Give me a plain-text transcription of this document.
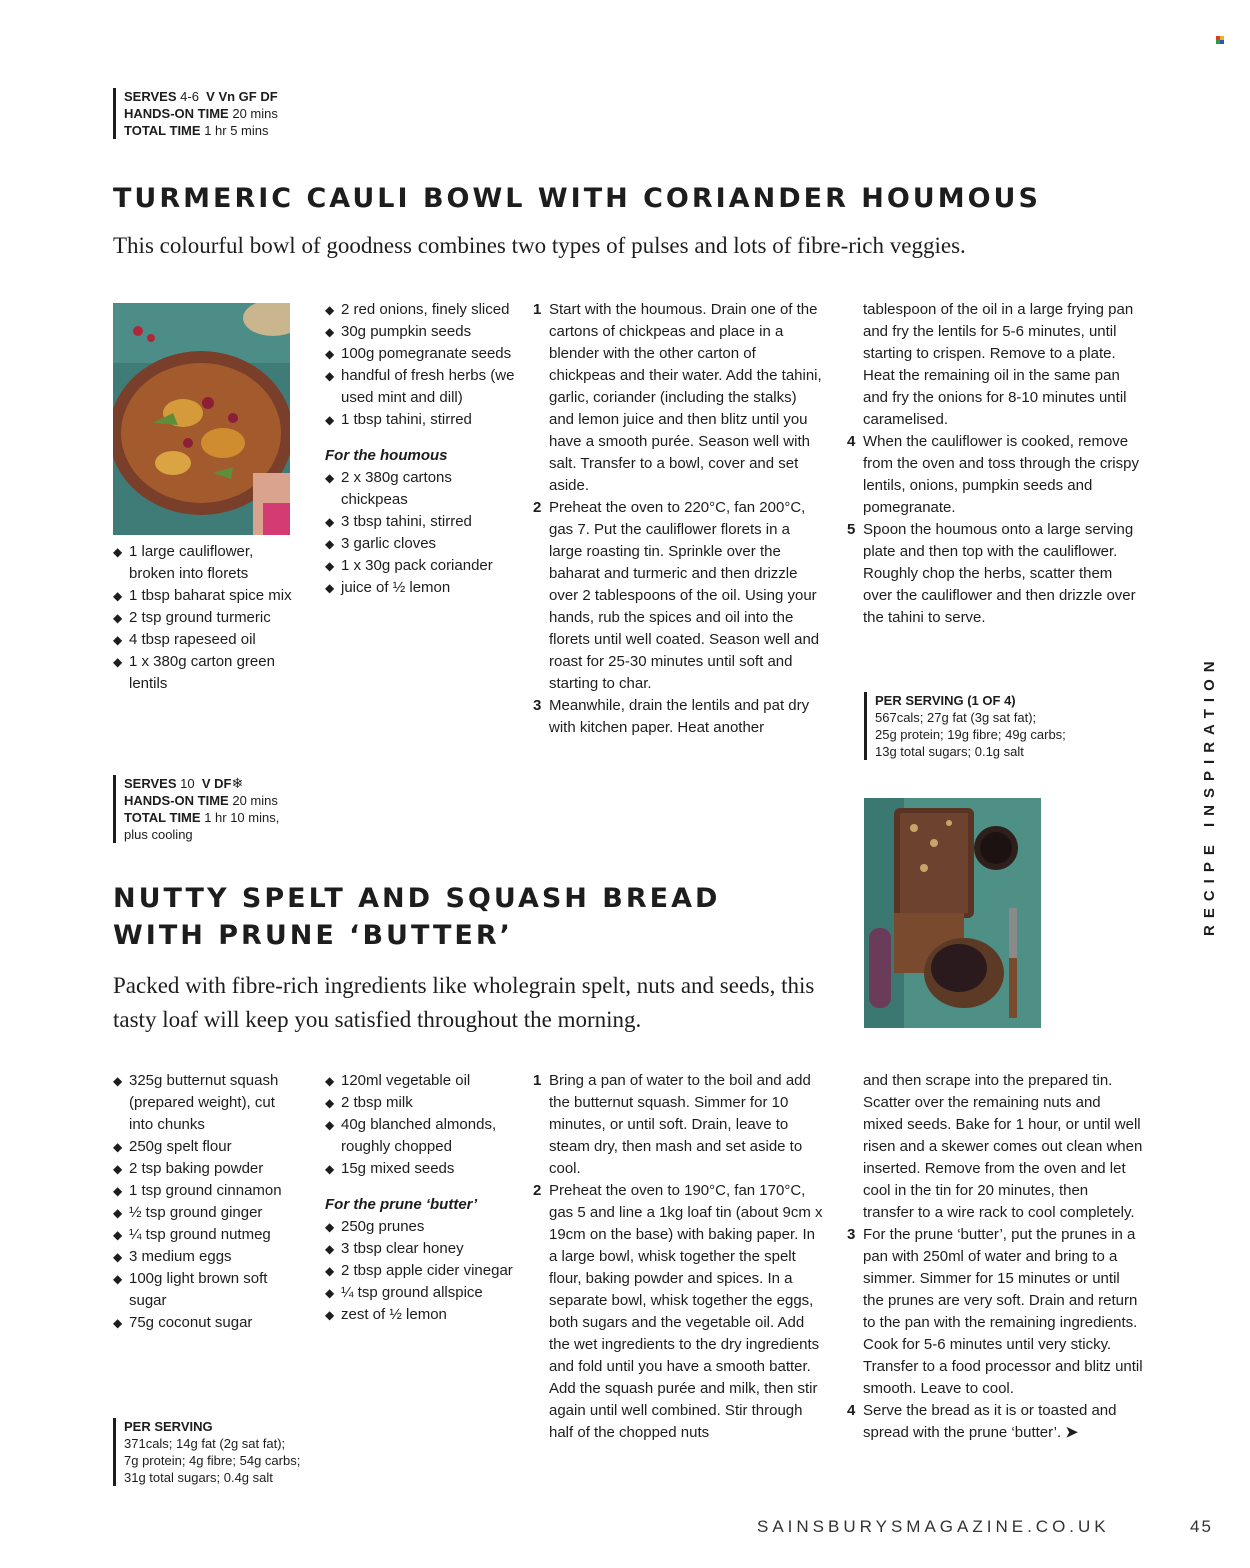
SERVES 4-6 V Vn GF DF
HANDS-ON TIME 20 mins
TOTAL TIME 1 hr 5 mins
TURMERIC CAULI BOWL WITH CORIANDER HOUMOUS

This colourful bowl of goodness combines two types of pulses and lots of fibre-rich veggies.

◆ 1 large cauliflower, broken into florets
◆ 1 tbsp baharat spice mix
◆ 2 tsp ground turmeric
◆ 4 tbsp rapeseed oil
◆ 1 x 380g carton green lentils
◆ 2 red onions, finely sliced
◆ 30g pumpkin seeds
◆ 100g pomegranate seeds
◆ handful of fresh herbs (we used mint and dill)
◆ 1 tbsp tahini, stirred

For the houmous

◆ 2 x 380g cartons chickpeas
◆ 3 tbsp tahini, stirred
◆ 3 garlic cloves
◆ 1 x 30g pack coriander
◆ juice of ½ lemon
1 Start with the houmous. Drain one of the cartons of chickpeas and place in a blender with the other carton of chickpeas and their water. Add the tahini, garlic, coriander (including the stalks) and lemon juice and then blitz until you have a smooth purée. Season well with salt. Transfer to a bowl, cover and set aside.
2 Preheat the oven to 220°C, fan 200°C, gas 7. Put the cauliflower florets in a large roasting tin. Sprinkle over the baharat and turmeric and then drizzle over 2 tablespoons of the oil. Using your hands, rub the spices and oil into the florets until well coated. Season well and roast for 25-30 minutes until soft and starting to char.
3 Meanwhile, drain the lentils and pat dry with kitchen paper. Heat another
tablespoon of the oil in a large frying pan and fry the lentils for 5-6 minutes, until starting to crispen. Remove to a plate. Heat the remaining oil in the same pan and fry the onions for 8-10 minutes until caramelised.
4 When the cauliflower is cooked, remove from the oven and toss through the crispy lentils, onions, pumpkin seeds and pomegranate.
5 Spoon the houmous onto a large serving plate and then top with the cauliflower. Roughly chop the herbs, scatter them over the cauliflower and then drizzle over the tahini to serve.
PER SERVING (1 OF 4)
567cals; 27g fat (3g sat fat);
25g protein; 19g fibre; 49g carbs;
13g total sugars; 0.1g salt
SERVES 10 V DF❄
HANDS-ON TIME 20 mins
TOTAL TIME 1 hr 10 mins,
plus cooling
NUTTY SPELT AND SQUASH BREAD
WITH PRUNE ‘BUTTER’

Packed with fibre-rich ingredients like wholegrain spelt, nuts and seeds, this tasty loaf will keep you satisfied throughout the morning.

◆ 325g butternut squash (prepared weight), cut into chunks
◆ 250g spelt flour
◆ 2 tsp baking powder
◆ 1 tsp ground cinnamon
◆ ½ tsp ground ginger
◆ ¼ tsp ground nutmeg
◆ 3 medium eggs
◆ 100g light brown soft sugar
◆ 75g coconut sugar
◆ 120ml vegetable oil
◆ 2 tbsp milk
◆ 40g blanched almonds, roughly chopped
◆ 15g mixed seeds

For the prune ‘butter’

◆ 250g prunes
◆ 3 tbsp clear honey
◆ 2 tbsp apple cider vinegar
◆ ¼ tsp ground allspice
◆ zest of ½ lemon
1 Bring a pan of water to the boil and add the butternut squash. Simmer for 10 minutes, or until soft. Drain, leave to steam dry, then mash and set aside to cool.
2 Preheat the oven to 190°C, fan 170°C, gas 5 and line a 1kg loaf tin (about 9cm x 19cm on the base) with baking paper. In a large bowl, whisk together the spelt flour, baking powder and spices. In a separate bowl, whisk together the eggs, both sugars and the vegetable oil. Add the wet ingredients to the dry ingredients and fold until you have a smooth batter. Add the squash purée and milk, then stir again until well combined. Stir through half of the chopped nuts
and then scrape into the prepared tin. Scatter over the remaining nuts and mixed seeds. Bake for 1 hour, or until well risen and a skewer comes out clean when inserted. Remove from the oven and let cool in the tin for 20 minutes, then transfer to a wire rack to cool completely.
3 For the prune ‘butter’, put the prunes in a pan with 250ml of water and bring to a simmer. Simmer for 15 minutes or until the prunes are very soft. Drain and return to the pan with the remaining ingredients. Cook for 5-6 minutes until very sticky. Transfer to a food processor and blitz until smooth. Leave to cool.
4 Serve the bread as it is or toasted and spread with the prune ‘butter’. ➤
PER SERVING
371cals; 14g fat (2g sat fat);
7g protein; 4g fibre; 54g carbs;
31g total sugars; 0.4g salt
RECIPE INSPIRATION
SAINSBURYSMAGAZINE.CO.UK	45
